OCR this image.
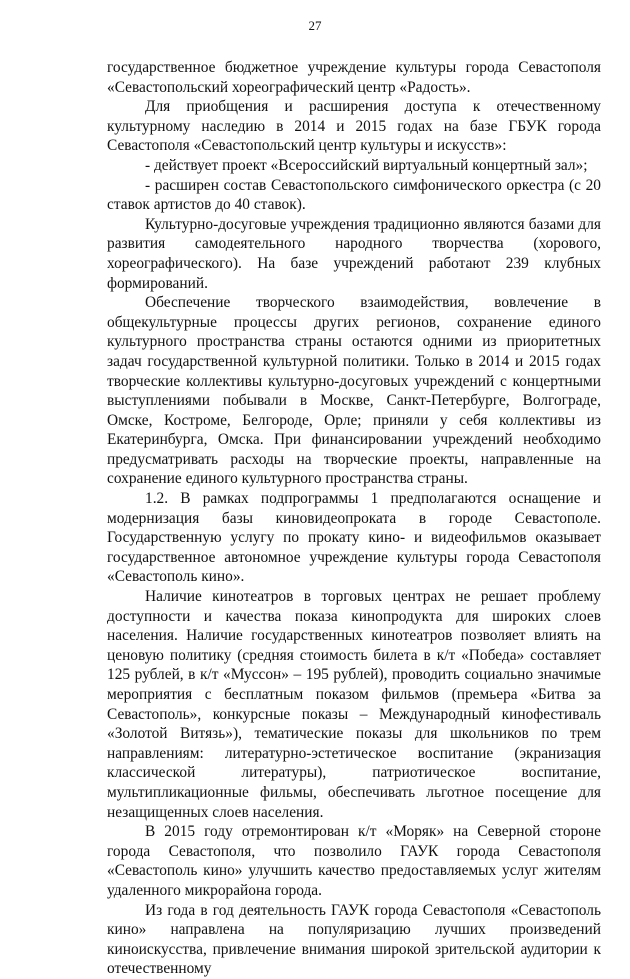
27

государственное бюджетное учреждение культуры города Севастополя «Севастопольский хореографический центр «Радость».

Для приобщения и расширения доступа к отечественному культурному наследию в 2014 и 2015 годах на базе ГБУК города Севастополя «Севастопольский центр культуры и искусств»:

- действует проект «Всероссийский виртуальный концертный зал»;

- расширен состав Севастопольского симфонического оркестра (с 20 ставок артистов до 40 ставок).

Культурно-досуговые учреждения традиционно являются базами для развития самодеятельного народного творчества (хорового, хореографического). На базе учреждений работают 239 клубных формирований.

Обеспечение творческого взаимодействия, вовлечение в общекультурные процессы других регионов, сохранение единого культурного пространства страны остаются одними из приоритетных задач государственной культурной политики. Только в 2014 и 2015 годах творческие коллективы культурно-досуговых учреждений с концертными выступлениями побывали в Москве, Санкт-Петербурге, Волгограде, Омске, Костроме, Белгороде, Орле; приняли у себя коллективы из Екатеринбурга, Омска. При финансировании учреждений необходимо предусматривать расходы на творческие проекты, направленные на сохранение единого культурного пространства страны.

1.2. В рамках подпрограммы 1 предполагаются оснащение и модернизация базы киновидеопроката в городе Севастополе. Государственную услугу по прокату кино- и видеофильмов оказывает государственное автономное учреждение культуры города Севастополя «Севастополь кино».

Наличие кинотеатров в торговых центрах не решает проблему доступности и качества показа кинопродукта для широких слоев населения. Наличие государственных кинотеатров позволяет влиять на ценовую политику (средняя стоимость билета в к/т «Победа» составляет 125 рублей, в к/т «Муссон» – 195 рублей), проводить социально значимые мероприятия с бесплатным показом фильмов (премьера «Битва за Севастополь», конкурсные показы – Международный кинофестиваль «Золотой Витязь»), тематические показы для школьников по трем направлениям: литературно-эстетическое воспитание (экранизация классической литературы), патриотическое воспитание, мультипликационные фильмы, обеспечивать льготное посещение для незащищенных слоев населения.

В 2015 году отремонтирован к/т «Моряк» на Северной стороне города Севастополя, что позволило ГАУК города Севастополя «Севастополь кино» улучшить качество предоставляемых услуг жителям удаленного микрорайона города.

Из года в год деятельность ГАУК города Севастополя «Севастополь кино» направлена на популяризацию лучших произведений киноискусства, привлечение внимания широкой зрительской аудитории к отечественному
